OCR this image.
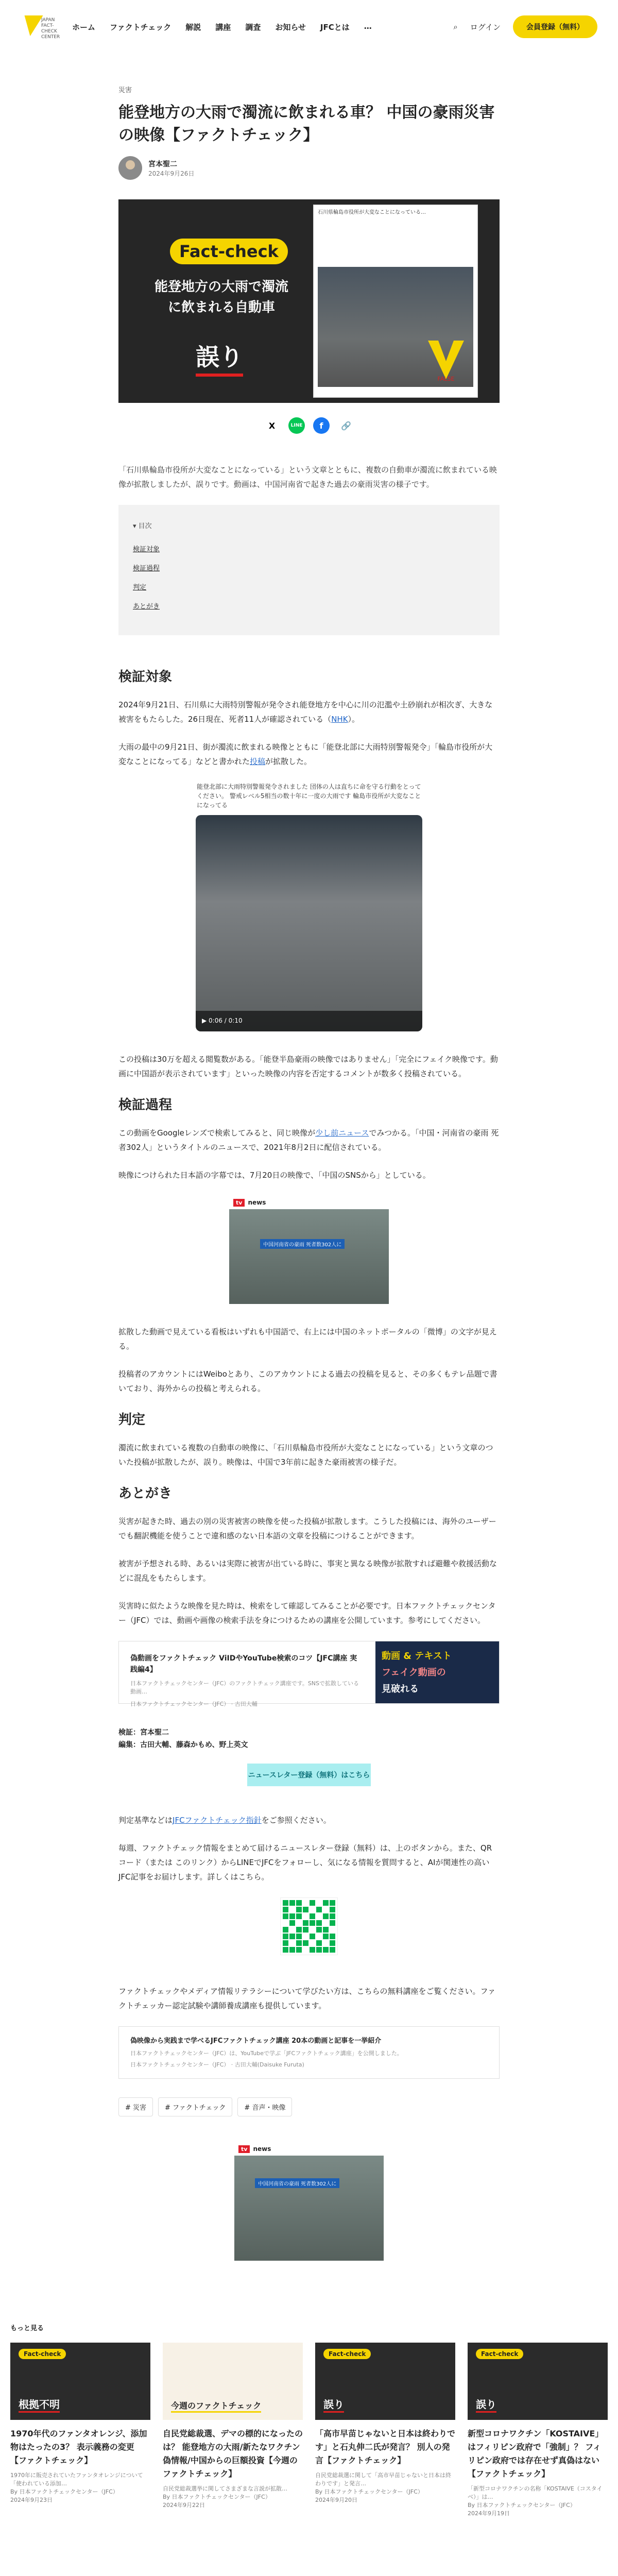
JAPAN FACT-CHECK CENTER
ホーム ファクトチェック 解説 講座 調査 お知らせ JFCとは …	⌕ ログイン	会員登録（無料）
災害
能登地方の大雨で濁流に飲まれる車？ 中国の豪雨災害の映像【ファクトチェック】
宮本聖二
2024年9月26日
Fact-check
能登地方の大雨で濁流に飲まれる自動車
誤り
石川県輪島市役所が大変なことになっている…
FALSE
X	LINE	f	🔗

「石川県輪島市役所が大変なことになっている」という文章とともに、複数の自動車が濁流に飲まれている映像が拡散しましたが、誤りです。動画は、中国河南省で起きた過去の豪雨災害の様子です。

▾ 目次
検証対象
検証過程
判定
あとがき
検証対象

2024年9月21日、石川県に大雨特別警報が発令され能登地方を中心に川の氾濫や土砂崩れが相次ぎ、大きな被害をもたらした。26日現在、死者11人が確認されている（NHK）。

大雨の最中の9月21日、街が濁流に飲まれる映像とともに「能登北部に大雨特別警報発令」「輪島市役所が大変なことになってる」などと書かれた投稿が拡散した。

能登北部に大雨特別警報発令されました 団体の人は直ちに命を守る行動をとってください。 警戒レベル5相当の数十年に一度の大雨です 輪島市役所が大変なことになってる
▶ 0:06 / 0:10

この投稿は30万を超える閲覧数がある。「能登半島豪雨の映像ではありません」「完全にフェイク映像です。動画に中国語が表示されています」といった映像の内容を否定するコメントが数多く投稿されている。

検証過程

この動画をGoogleレンズで検索してみると、同じ映像が少し前ニュースでみつかる。「中国・河南省の豪雨 死者302人」というタイトルのニュースで、2021年8月2日に配信されている。

映像につけられた日本語の字幕では、7月20日の映像で、「中国のSNSから」としている。

tv news
中国河南省の豪雨 死者数302人に

拡散した動画で見えている看板はいずれも中国語で、右上には中国のネットポータルの「微博」の文字が見える。

投稿者のアカウントにはWeiboとあり、このアカウントによる過去の投稿を見ると、その多くもテレ品題で書いており、海外からの投稿と考えられる。

判定

濁流に飲まれている複数の自動車の映像に、「石川県輪島市役所が大変なことになっている」という文章のついた投稿が拡散したが、誤り。映像は、中国で3年前に起きた豪雨被害の様子だ。

あとがき

災害が起きた時、過去の別の災害被害の映像を使った投稿が拡散します。こうした投稿には、海外のユーザーでも翻訳機能を使うことで違和感のない日本語の文章を投稿につけることができます。

被害が予想される時、あるいは実際に被害が出ている時に、事実と異なる映像が拡散すれば避難や救援活動などに混乱をもたらします。

災害時に似たような映像を見た時は、検索をして確認してみることが必要です。日本ファクトチェックセンター（JFC）では、動画や画像の検索手法を身につけるための講座を公開しています。参考にしてください。

偽動画をファクトチェック ViIDやYouTube検索のコツ【JFC講座 実践編4】
日本ファクトチェックセンター（JFC）のファクトチェック講座です。SNSで拡散している動画…
日本ファクトチェックセンター（JFC） · 古田大輔
動画 & テキスト
フェイク動画の
見破れる
検証：宮本聖二
編集：古田大輔、藤森かもめ、野上英文
ニュースレター登録（無料）はこちら

判定基準などはJFCファクトチェック指針をご参照ください。

毎週、ファクトチェック情報をまとめて届けるニュースレター登録（無料）は、上のボタンから。また、QRコード（または このリンク）からLINEでJFCをフォローし、気になる情報を質問すると、AIが関連性の高いJFC記事をお届けします。詳しくはこちら。

ファクトチェックやメディア情報リテラシーについて学びたい方は、こちらの無料講座をご覧ください。ファクトチェッカー認定試験や講師養成講座も提供しています。

偽映像から実践まで学べるJFCファクトチェック講座 20本の動画と記事を一挙紹介
日本ファクトチェックセンター（JFC）は、YouTubeで学ぶ「JFCファクトチェック講座」を公開しました。
日本ファクトチェックセンター（JFC） · 古田大輔(Daisuke Furuta)
# 災害	# ファクトチェック	# 音声・映像
tv news
中国河南省の豪雨 死者数302人に
もっと見る
Fact-check
根拠不明
1970年代のファンタオレンジ、添加物はたったの3？ 表示義務の変更【ファクトチェック】
1970年に販売されていたファンタオレンジについて「使われている添加…
By 日本ファクトチェックセンター（JFC）
2024年9月23日
今週のファクトチェック
自民党総裁選、デマの標的になったのは？ 能登地方の大雨/新たなワクチン偽情報/中国からの巨額投資【今週のファクトチェック】
自民党総裁選挙に関してさまざまな言説が拡散…
By 日本ファクトチェックセンター（JFC）
2024年9月22日
Fact-check
誤り
「高市早苗じゃないと日本は終わりです」と石丸伸二氏が発言？ 別人の発言【ファクトチェック】
自民党総裁選に関して「高市早苗じゃないと日本は終わりです」と発言…
By 日本ファクトチェックセンター（JFC）
2024年9月20日
Fact-check
誤り
新型コロナワクチン「KOSTAIVE」はフィリピン政府で「強制」？ フィリピン政府では存在せず真偽はない【ファクトチェック】
「新型コロナワクチンの名称「KOSTAIVE（コスタイベ）」は…
By 日本ファクトチェックセンター（JFC）
2024年9月19日
